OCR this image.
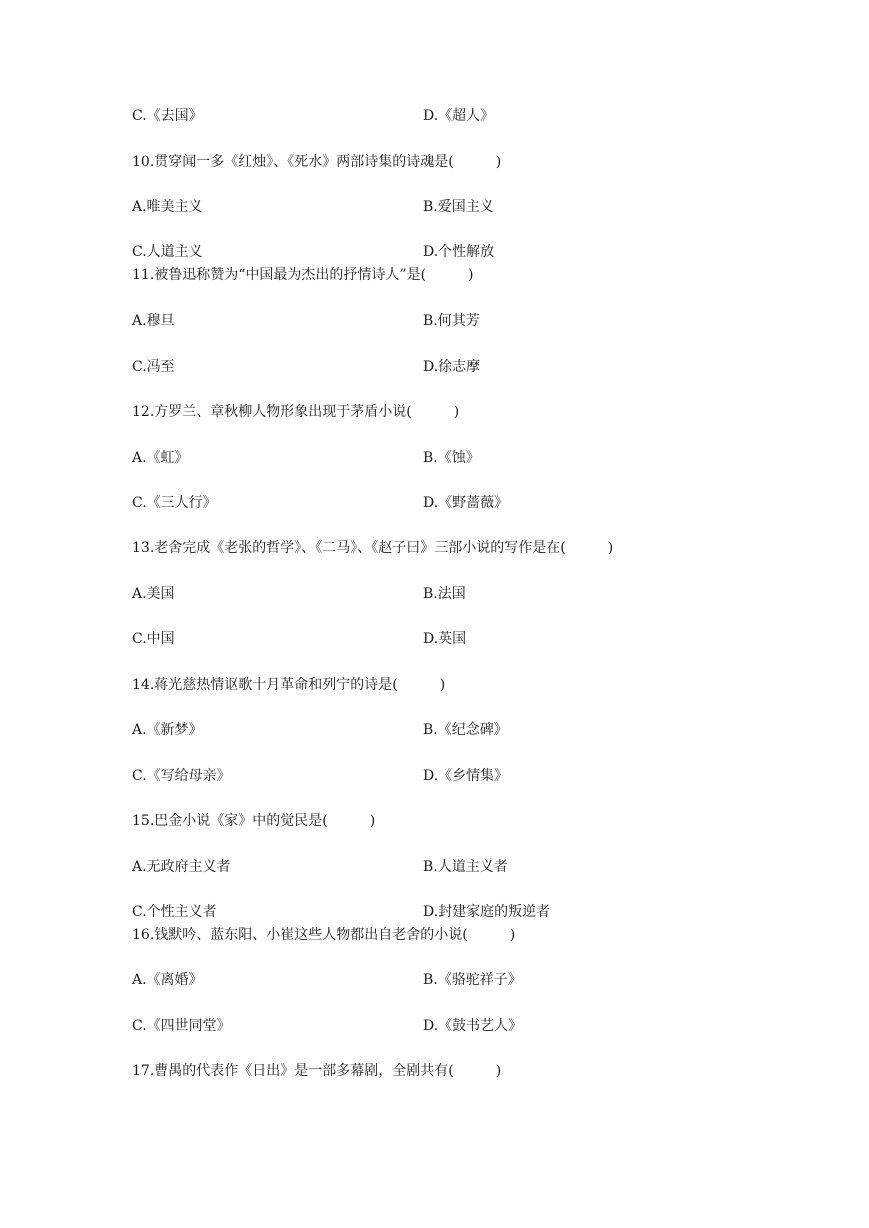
C.《去国》	D.《超人》
10.贯穿闻一多《红烛》、《死水》两部诗集的诗魂是(　　　)
A.唯美主义	B.爱国主义
C.人道主义	D.个性解放
11.被鲁迅称赞为“中国最为杰出的抒情诗人”是(　　　)
A.穆旦	B.何其芳
C.冯至	D.徐志摩
12.方罗兰、章秋柳人物形象出现于茅盾小说(　　　)
A.《虹》	B.《蚀》
C.《三人行》	D.《野蔷薇》
13.老舍完成《老张的哲学》、《二马》、《赵子曰》三部小说的写作是在(　　　)
A.美国	B.法国
C.中国	D.英国
14.蒋光慈热情讴歌十月革命和列宁的诗是(　　　)
A.《新梦》	B.《纪念碑》
C.《写给母亲》	D.《乡情集》
15.巴金小说《家》中的觉民是(　　　)
A.无政府主义者	B.人道主义者
C.个性主义者	D.封建家庭的叛逆者
16.钱默吟、蓝东阳、小崔这些人物都出自老舍的小说(　　　)
A.《离婚》	B.《骆驼祥子》
C.《四世同堂》	D.《鼓书艺人》
17.曹禺的代表作《日出》是一部多幕剧，全剧共有(　　　)
